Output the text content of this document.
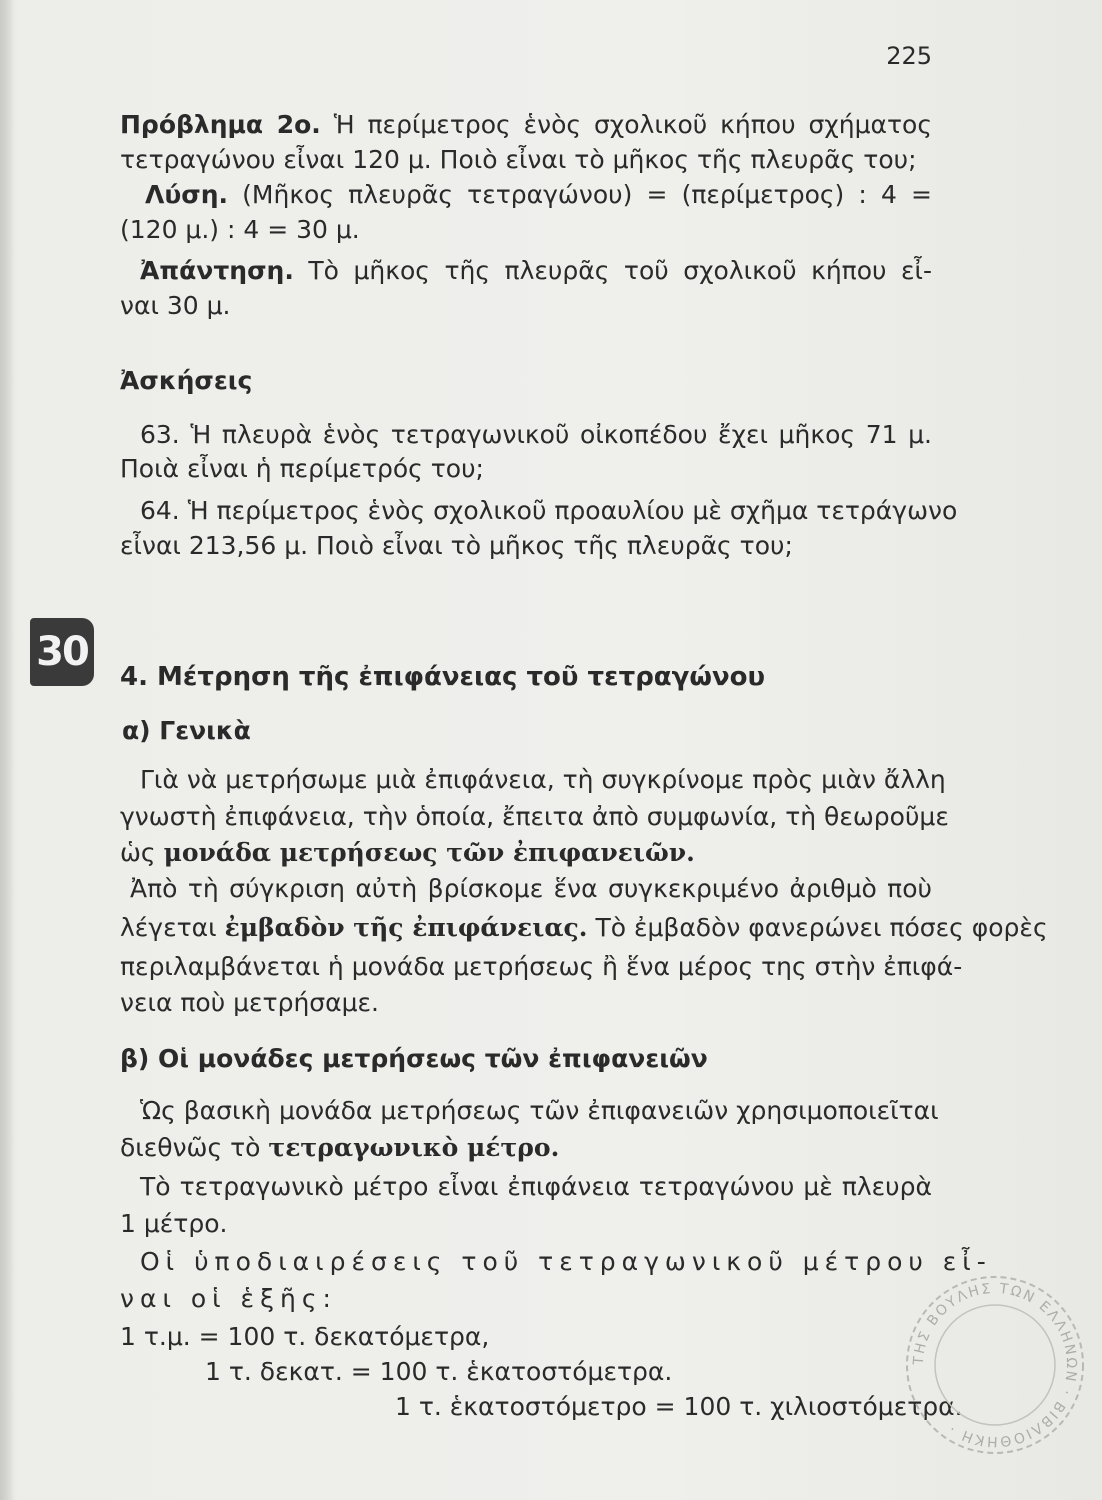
225
Πρόβλημα 2ο. Ἡ περίμετρος ἑνὸς σχολικοῦ κήπου σχήματος
τετραγώνου εἶναι 120 μ. Ποιὸ εἶναι τὸ μῆκος τῆς πλευρᾶς του;
Λύση. (Μῆκος πλευρᾶς τετραγώνου) = (περίμετρος) : 4 =
(120 μ.) : 4 = 30 μ.
Ἀπάντηση. Τὸ μῆκος τῆς πλευρᾶς τοῦ σχολικοῦ κήπου εἶ-
ναι 30 μ.
Ἀσκήσεις
63. Ἡ πλευρὰ ἑνὸς τετραγωνικοῦ οἰκοπέδου ἔχει μῆκος 71 μ.
Ποιὰ εἶναι ἡ περίμετρός του;
64. Ἡ περίμετρος ἑνὸς σχολικοῦ προαυλίου μὲ σχῆμα τετράγωνο
εἶναι 213,56 μ. Ποιὸ εἶναι τὸ μῆκος τῆς πλευρᾶς του;
30
4. Μέτρηση τῆς ἐπιφάνειας τοῦ τετραγώνου
α) Γενικὰ
Γιὰ νὰ μετρήσωμε μιὰ ἐπιφάνεια, τὴ συγκρίνομε πρὸς μιὰν ἄλλη
γνωστὴ ἐπιφάνεια, τὴν ὁποία, ἔπειτα ἀπὸ συμφωνία, τὴ θεωροῦμε
ὡς μονάδα μετρήσεως τῶν ἐπιφανειῶν.
Ἀπὸ τὴ σύγκριση αὐτὴ βρίσκομε ἕνα συγκεκριμένο ἀριθμὸ ποὺ
λέγεται ἐμβαδὸν τῆς ἐπιφάνειας. Τὸ ἐμβαδὸν φανερώνει πόσες φορὲς
περιλαμβάνεται ἡ μονάδα μετρήσεως ἢ ἕνα μέρος της στὴν ἐπιφά-
νεια ποὺ μετρήσαμε.
β) Οἱ μονάδες μετρήσεως τῶν ἐπιφανειῶν
Ὡς βασικὴ μονάδα μετρήσεως τῶν ἐπιφανειῶν χρησιμοποιεῖται
διεθνῶς τὸ τετραγωνικὸ μέτρο.
Τὸ τετραγωνικὸ μέτρο εἶναι ἐπιφάνεια τετραγώνου μὲ πλευρὰ
1 μέτρο.
Οἱ ὑποδιαιρέσεις τοῦ τετραγωνικοῦ μέτρου εἶ-
ναι οἱ ἑξῆς:
1 τ.μ. = 100 τ. δεκατόμετρα,
1 τ. δεκατ. = 100 τ. ἑκατοστόμετρα.
1 τ. ἑκατοστόμετρο = 100 τ. χιλιοστόμετρα.
ΤΗΣ ΒΟΥΛΗΣ ΤΩΝ ΕΛΛΗΝΩΝ · ΒΙΒΛΙΟΘΗΚΗ ·
